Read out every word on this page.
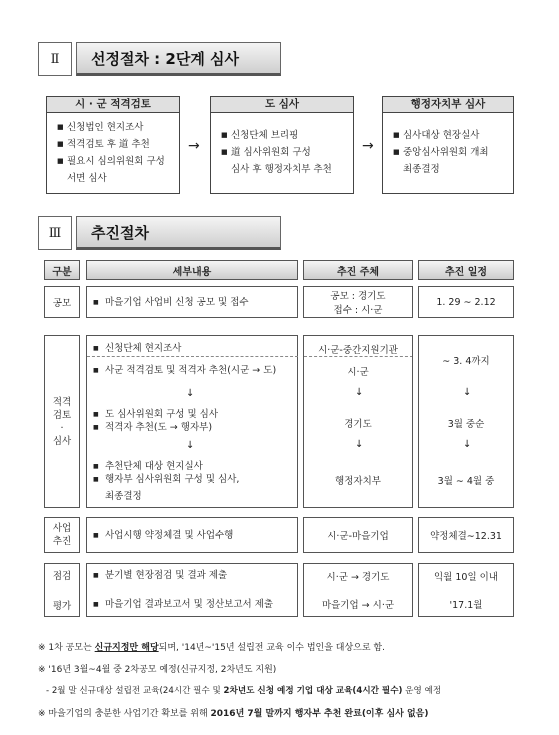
Ⅱ	선정절차 : 2단계 심사
시 · 군 적격검토
■ 신청법인 현지조사
■ 적격검토 후 道 추천
■ 필요시 심의위원회 구성
서면 심사
→
도 심사
■ 신청단체 브리핑
■ 道 심사위원회 구성
심사 후 행정자치부 추천
→
행정자치부 심사
■ 심사대상 현장실사
■ 중앙심사위원회 개최
최종결정
Ⅲ	추진절차
구분	세부내용	추진 주체	추진 일정
공모
■	마을기업 사업비 신청 공모 및 접수	공모 : 경기도
접수 : 시·군
1. 29 ∼ 2.12
적격
검토
·
심사
■ 신청단체 현지조사
■ 사군 적격검토 및 적격자 추천(시군 → 도)
■ 도 심사위원회 구성 및 심사
■ 적격자 추천(도 → 행자부)
■ 추천단체 대상 현지실사
■ 행자부 심사위원회 구성 및 심사,
최종결정
↓
↓
시·군-중간지원기관
시·군
↓
경기도
↓
행정자치부
∼ 3. 4까지
↓
3월 중순
↓
3월 ∼ 4월 중
사업
추진
■ 사업시행 약정체결 및 사업수행	시·군-마을기업	약정체결∼12.31
점검
평가
■ 분기별 현장점검 및 결과 제출
■ 마을기업 결과보고서 및 정산보고서 제출
시·군 → 경기도
마을기업 → 시·군
익월 10일 이내
'17.1월
※ 1차 공모는 신규지정만 해당되며, '14년~'15년 설립전 교육 이수 법인을 대상으로 함.
※ '16년 3월~4월 중 2차공모 예정(신규지정, 2차년도 지원)
- 2월 말 신규대상 설립전 교육(24시간 필수 및 2차년도 신청 예정 기업 대상 교육(4시간 필수) 운영 예정
※ 마을기업의 충분한 사업기간 확보를 위해 2016년 7월 말까지 행자부 추천 완료(이후 심사 없음)
